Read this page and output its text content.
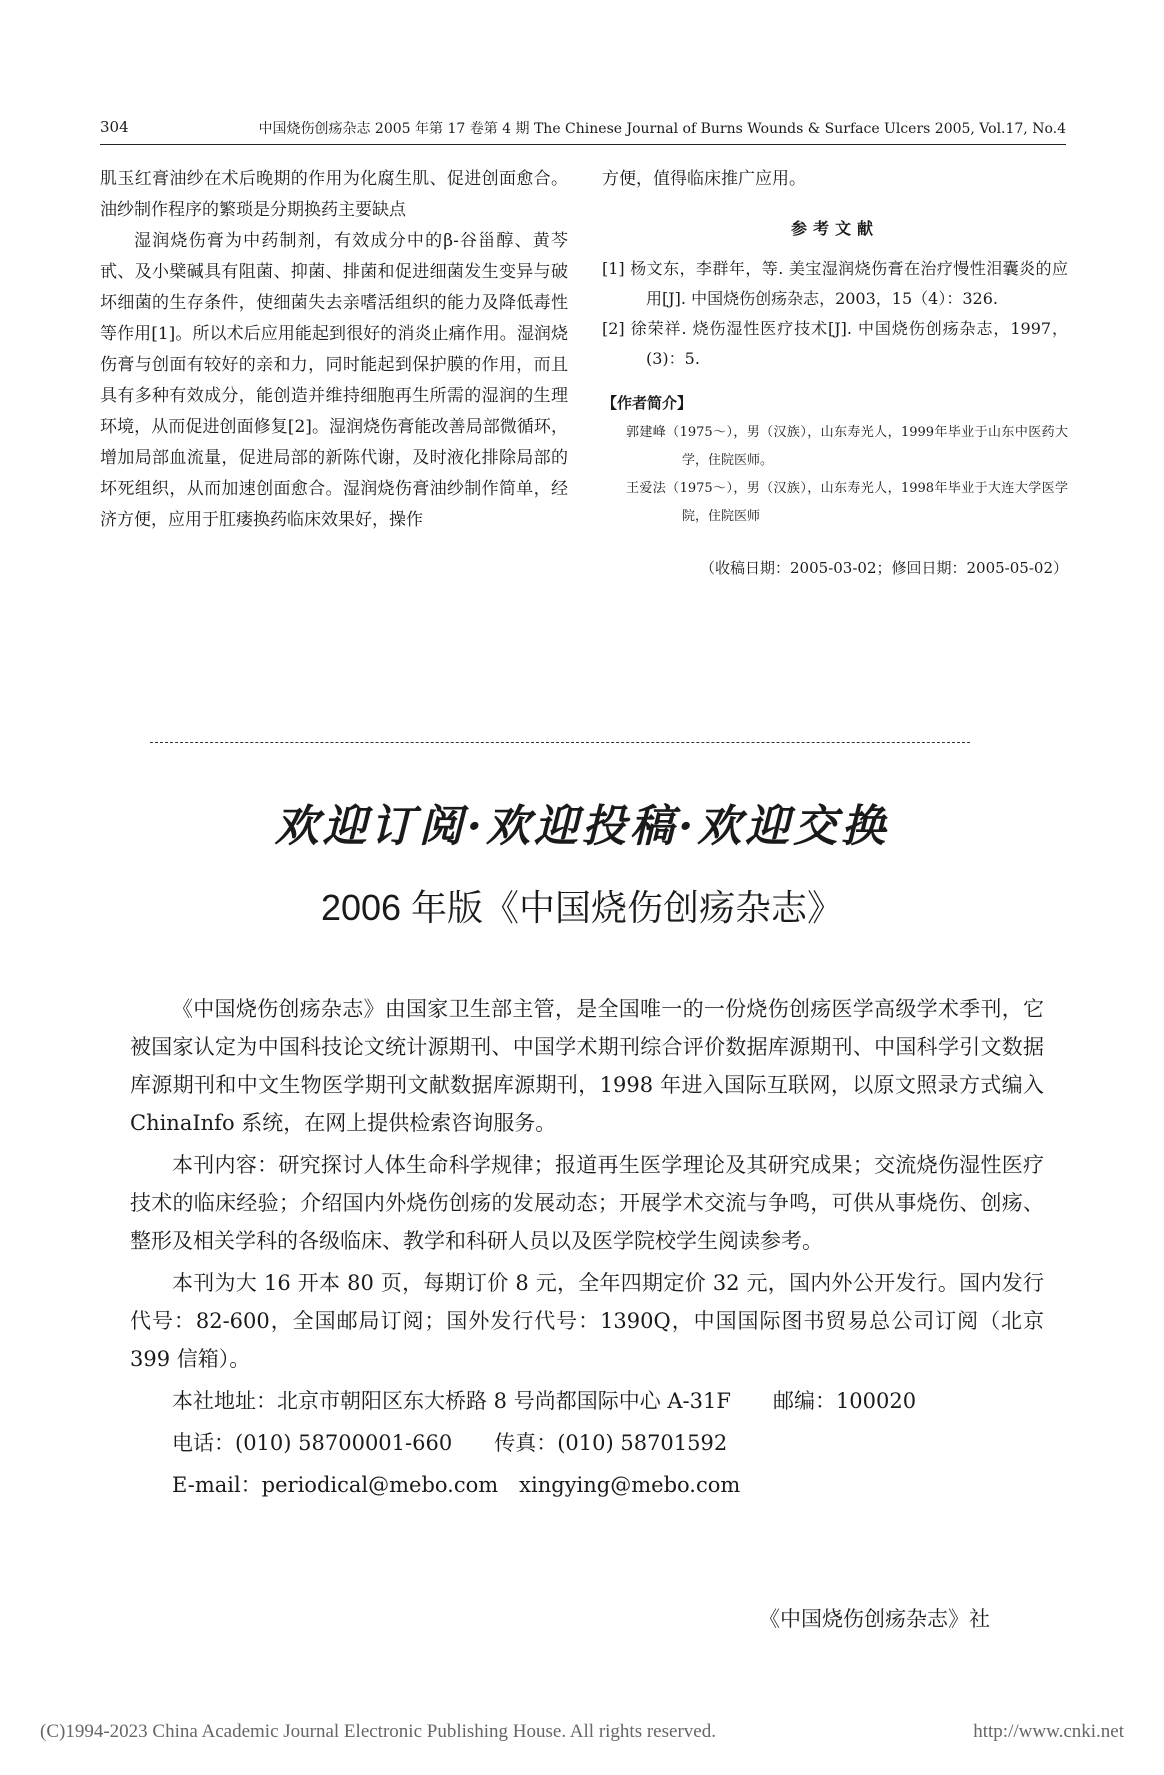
304	中国烧伤创疡杂志 2005 年第 17 卷第 4 期 The Chinese Journal of Burns Wounds & Surface Ulcers 2005, Vol.17, No.4

肌玉红膏油纱在术后晚期的作用为化腐生肌、促进创面愈合。油纱制作程序的繁琐是分期换药主要缺点

湿润烧伤膏为中药制剂，有效成分中的β-谷甾醇、黄芩甙、及小檗碱具有阻菌、抑菌、排菌和促进细菌发生变异与破坏细菌的生存条件，使细菌失去亲嗜活组织的能力及降低毒性等作用[1]。所以术后应用能起到很好的消炎止痛作用。湿润烧伤膏与创面有较好的亲和力，同时能起到保护膜的作用，而且具有多种有效成分，能创造并维持细胞再生所需的湿润的生理环境，从而促进创面修复[2]。湿润烧伤膏能改善局部微循环，增加局部血流量，促进局部的新陈代谢，及时液化排除局部的坏死组织，从而加速创面愈合。湿润烧伤膏油纱制作简单，经济方便，应用于肛瘘换药临床效果好，操作

方便，值得临床推广应用。

参考文献

[1] 杨文东，李群年，等. 美宝湿润烧伤膏在治疗慢性泪囊炎的应用[J]. 中国烧伤创疡杂志，2003，15（4）：326.

[2] 徐荣祥. 烧伤湿性医疗技术[J]. 中国烧伤创疡杂志，1997，(3)：5.

【作者简介】
郭建峰（1975～），男（汉族），山东寿光人，1999年毕业于山东中医药大学，住院医师。
王爱法（1975～），男（汉族），山东寿光人，1998年毕业于大连大学医学院，住院医师
（收稿日期：2005-03-02；修回日期：2005-05-02）
欢迎订阅·欢迎投稿·欢迎交换
2006 年版《中国烧伤创疡杂志》

《中国烧伤创疡杂志》由国家卫生部主管，是全国唯一的一份烧伤创疡医学高级学术季刊，它被国家认定为中国科技论文统计源期刊、中国学术期刊综合评价数据库源期刊、中国科学引文数据库源期刊和中文生物医学期刊文献数据库源期刊，1998 年进入国际互联网，以原文照录方式编入 ChinaInfo 系统，在网上提供检索咨询服务。

本刊内容：研究探讨人体生命科学规律；报道再生医学理论及其研究成果；交流烧伤湿性医疗技术的临床经验；介绍国内外烧伤创疡的发展动态；开展学术交流与争鸣，可供从事烧伤、创疡、整形及相关学科的各级临床、教学和科研人员以及医学院校学生阅读参考。

本刊为大 16 开本 80 页，每期订价 8 元，全年四期定价 32 元，国内外公开发行。国内发行代号：82-600，全国邮局订阅；国外发行代号：1390Q，中国国际图书贸易总公司订阅（北京 399 信箱）。

本社地址：北京市朝阳区东大桥路 8 号尚都国际中心 A-31F　　邮编：100020

电话：(010) 58700001-660　　传真：(010) 58701592

E-mail：periodical@mebo.com　xingying@mebo.com

《中国烧伤创疡杂志》社
(C)1994-2023 China Academic Journal Electronic Publishing House. All rights reserved.	http://www.cnki.net
